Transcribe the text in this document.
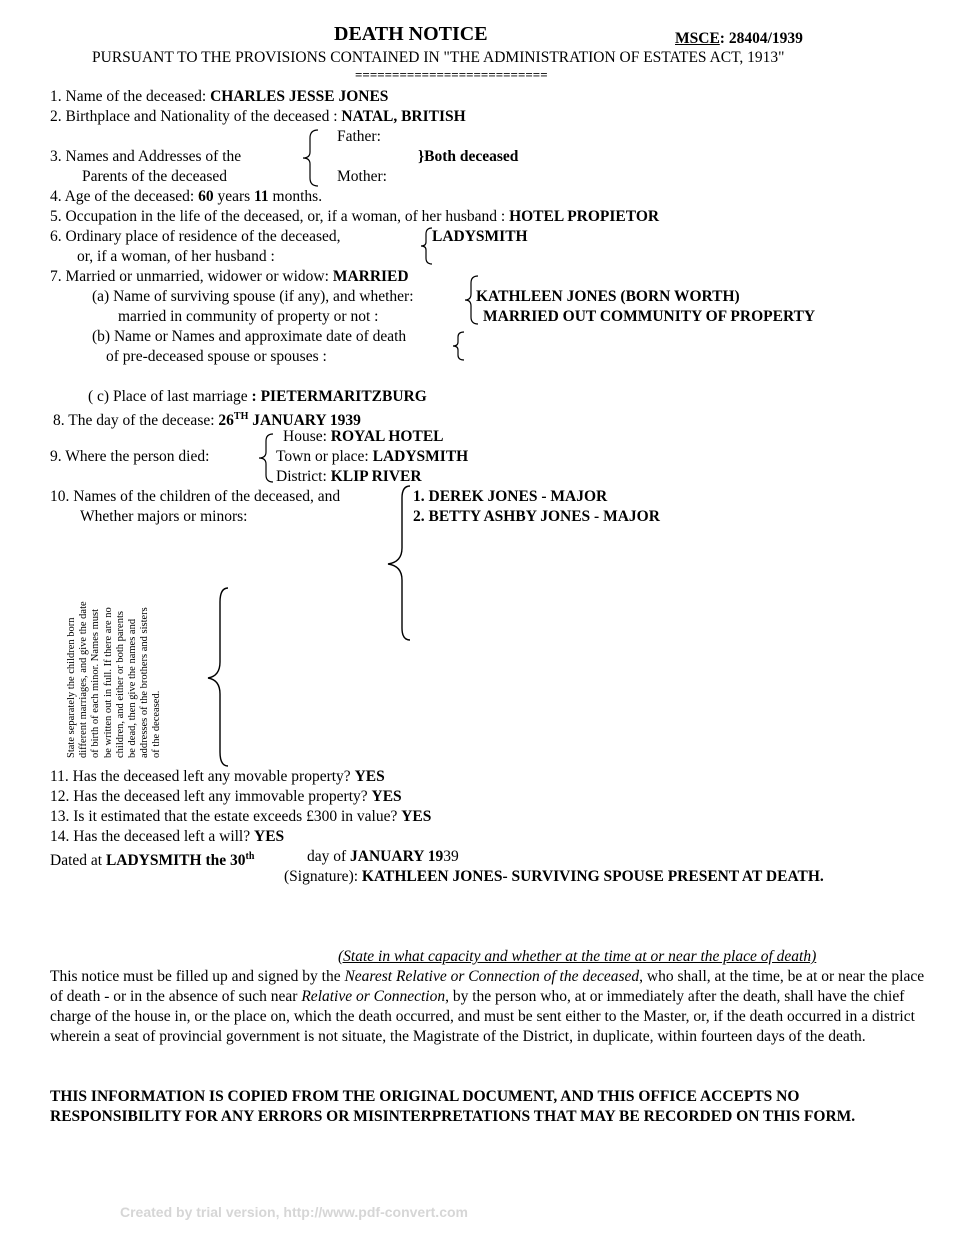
DEATH NOTICE	MSCE: 28404/1939
PURSUANT TO THE PROVISIONS CONTAINED IN "THE ADMINISTRATION OF ESTATES ACT, 1913"
==========================
1. Name of the deceased: CHARLES JESSE JONES
2. Birthplace and Nationality of the deceased : NATAL, BRITISH
3. Names and Addresses of the
Parents of the deceased
Father:
Mother:
}Both deceased
4. Age of the deceased: 60 years 11 months.
5. Occupation in the life of the deceased, or, if a woman, of her husband : HOTEL PROPIETOR
6. Ordinary place of residence of the deceased,
or, if a woman, of her husband :
LADYSMITH
7. Married or unmarried, widower or widow: MARRIED
(a) Name of surviving spouse (if any), and whether:
married in community of property or not :
KATHLEEN JONES (BORN WORTH)
MARRIED OUT COMMUNITY OF PROPERTY
(b) Name or Names and approximate date of death
of pre-deceased spouse or spouses :
( c) Place of last marriage : PIETERMARITZBURG
8. The day of the decease: 26TH JANUARY 1939
9. Where the person died:
House: ROYAL HOTEL
Town or place: LADYSMITH
District: KLIP RIVER
10. Names of the children of the deceased, and
Whether majors or minors:
1. DEREK JONES - MAJOR
2. BETTY ASHBY JONES - MAJOR
State separately the children born different marriages, and give the date of birth of each minor. Names must be written out in full. If there are no children, and either or both parents be dead, then give the names and addresses of the brothers and sisters of the deceased.
11. Has the deceased left any movable property? YES
12. Has the deceased left any immovable property? YES
13. Is it estimated that the estate exceeds £300 in value? YES
14. Has the deceased left a will? YES
Dated at LADYSMITH the 30th	day of JANUARY 1939
(Signature): KATHLEEN JONES- SURVIVING SPOUSE PRESENT AT DEATH.
(State in what capacity and whether at the time at or near the place of death)
This notice must be filled up and signed by the Nearest Relative or Connection of the deceased, who shall, at the time, be at or near the place of death - or in the absence of such near Relative or Connection, by the person who, at or immediately after the death, shall have the chief charge of the house in, or the place on, which the death occurred, and must be sent either to the Master, or, if the death occurred in a district wherein a seat of provincial government is not situate, the Magistrate of the District, in duplicate, within fourteen days of the death.
THIS INFORMATION IS COPIED FROM THE ORIGINAL DOCUMENT, AND THIS OFFICE ACCEPTS NO RESPONSIBILITY FOR ANY ERRORS OR MISINTERPRETATIONS THAT MAY BE RECORDED ON THIS FORM.
Created by trial version, http://www.pdf-convert.com
